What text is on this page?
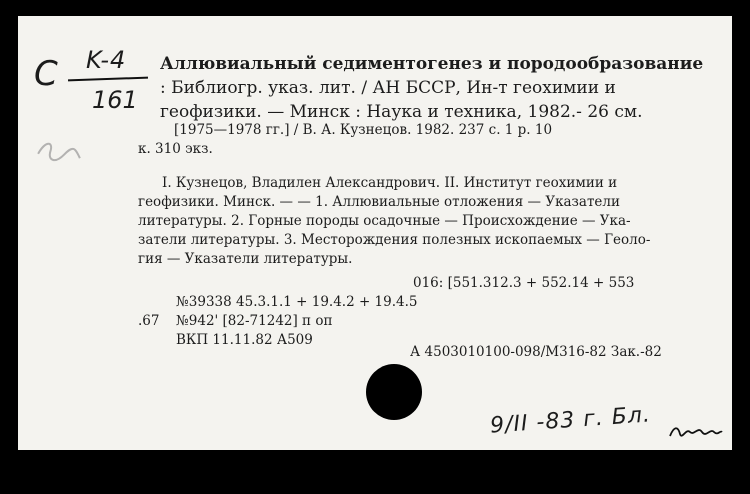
C K-4
161
Аллювиальный седиментогенез и породообразование
: Библиогр. указ. лит. / АН БССР, Ин-т геохимии и
геофизики. — Минск : Наука и техника, 1982.- 26 см.
[1975—1978 гг.] / В. А. Кузнецов. 1982. 237 с. 1 р. 10
к. 310 экз.
I. Кузнецов, Владилен Александрович. II. Институт геохимии и
геофизики. Минск. — — 1. Аллювиальные отложения — Указатели
литературы. 2. Горные породы осадочные — Происхождение — Ука-
затели литературы. 3. Месторождения полезных ископаемых — Геоло-
гия — Указатели литературы.
016: [551.312.3 + 552.14 + 553
№39338 45.3.1.1 + 19.4.2 + 19.4.5
.67 №942' [82-71242] п оп
ВКП 11.11.82 А509
А 4503010100-098/М316-82 Зак.-82
9/II -83 г. Бл.
